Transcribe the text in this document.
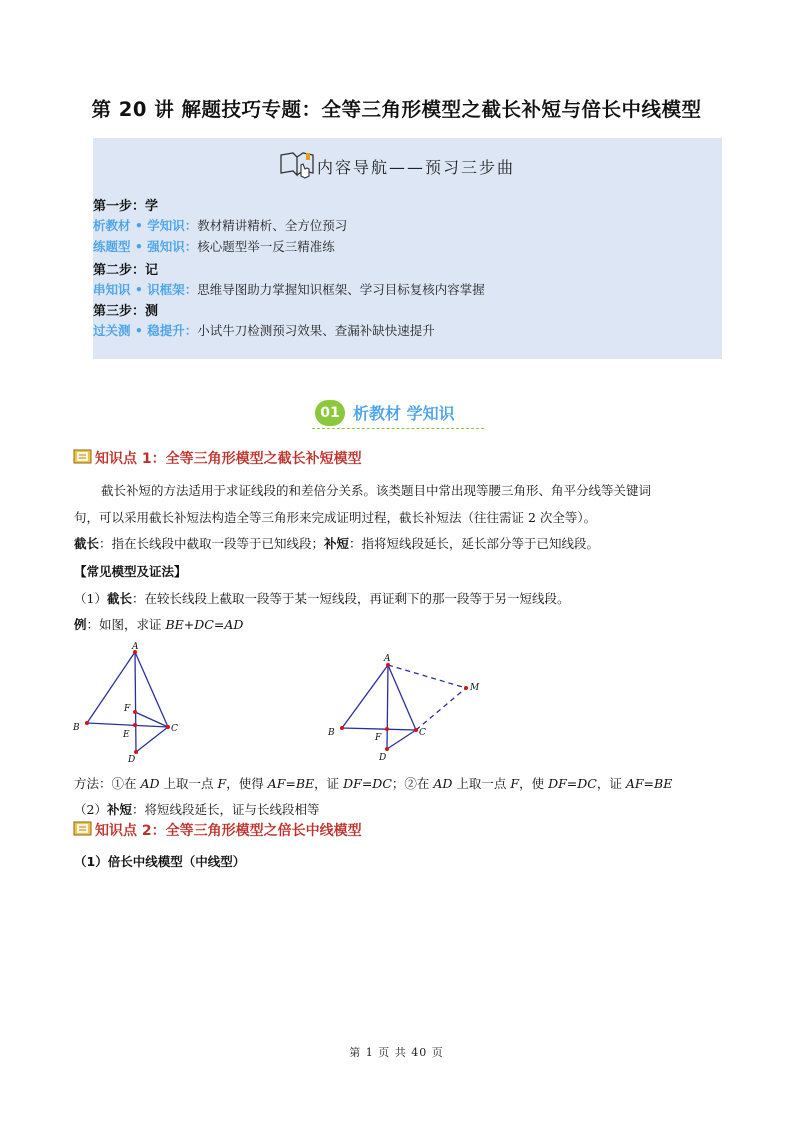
第 20 讲 解题技巧专题：全等三角形模型之截长补短与倍长中线模型
内容导航——预习三步曲
第一步：学
析教材 • 学知识：教材精讲精析、全方位预习
练题型 • 强知识：核心题型举一反三精准练
第二步：记
串知识 • 识框架：思维导图助力掌握知识框架、学习目标复核内容掌握
第三步：测
过关测 • 稳提升：小试牛刀检测预习效果、查漏补缺快速提升
01 析教材 学知识
知识点 1：全等三角形模型之截长补短模型
截长补短的方法适用于求证线段的和差倍分关系。该类题目中常出现等腰三角形、角平分线等关键词
句，可以采用截长补短法构造全等三角形来完成证明过程，截长补短法（往往需证 2 次全等）。
截长：指在长线段中截取一段等于已知线段；补短：指将短线段延长，延长部分等于已知线段。
【常见模型及证法】
（1）截长：在较长线段上截取一段等于某一短线段，再证剩下的那一段等于另一短线段。
例：如图，求证 BE+DC=AD
A
B	C
D
E
F
A
B	C
D
F
M
方法：①在 AD 上取一点 F，使得 AF=BE，证 DF=DC；②在 AD 上取一点 F，使 DF=DC，证 AF=BE
（2）补短：将短线段延长，证与长线段相等
知识点 2：全等三角形模型之倍长中线模型
（1）倍长中线模型（中线型）
第 1 页 共 40 页
